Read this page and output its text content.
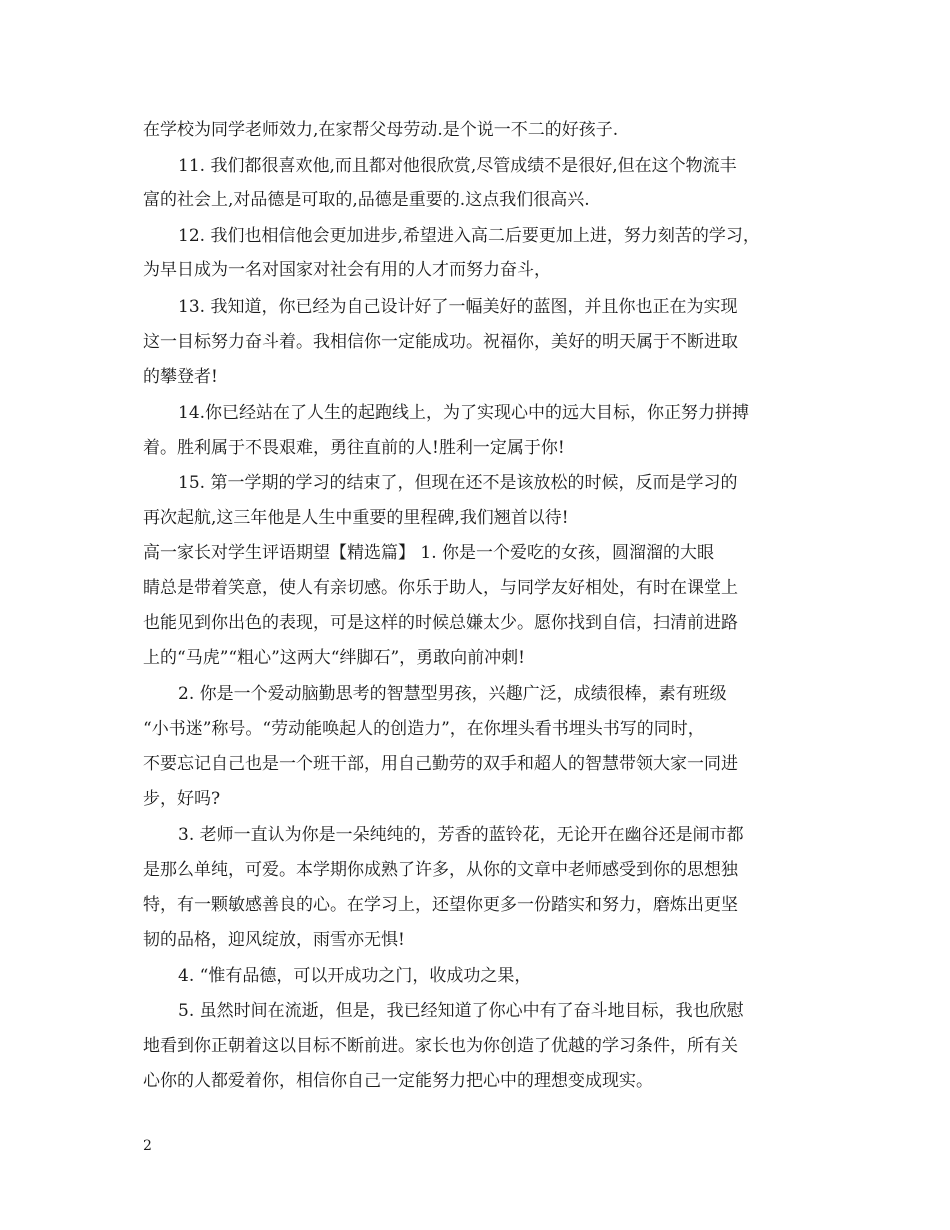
在学校为同学老师效力,在家帮父母劳动.是个说一不二的好孩子.
11. 我们都很喜欢他,而且都对他很欣赏,尽管成绩不是很好,但在这个物流丰
富的社会上,对品德是可取的,品德是重要的.这点我们很高兴.
12. 我们也相信他会更加进步,希望进入高二后要更加上进，努力刻苦的学习，
为早日成为一名对国家对社会有用的人才而努力奋斗，
13. 我知道，你已经为自己设计好了一幅美好的蓝图，并且你也正在为实现
这一目标努力奋斗着。我相信你一定能成功。祝福你，美好的明天属于不断进取
的攀登者!
14.你已经站在了人生的起跑线上，为了实现心中的远大目标，你正努力拼搏
着。胜利属于不畏艰难，勇往直前的人!胜利一定属于你!
15. 第一学期的学习的结束了，但现在还不是该放松的时候，反而是学习的
再次起航,这三年他是人生中重要的里程碑,我们翘首以待!
高一家长对学生评语期望【精选篇】 1. 你是一个爱吃的女孩，圆溜溜的大眼
睛总是带着笑意，使人有亲切感。你乐于助人，与同学友好相处，有时在课堂上
也能见到你出色的表现，可是这样的时候总嫌太少。愿你找到自信，扫清前进路
上的“马虎”“粗心”这两大“绊脚石”，勇敢向前冲刺!
2. 你是一个爱动脑勤思考的智慧型男孩，兴趣广泛，成绩很棒，素有班级
“小书迷”称号。“劳动能唤起人的创造力”，在你埋头看书埋头书写的同时，
不要忘记自己也是一个班干部，用自己勤劳的双手和超人的智慧带领大家一同进
步，好吗?
3. 老师一直认为你是一朵纯纯的，芳香的蓝铃花，无论开在幽谷还是闹市都
是那么单纯，可爱。本学期你成熟了许多，从你的文章中老师感受到你的思想独
特，有一颗敏感善良的心。在学习上，还望你更多一份踏实和努力，磨炼出更坚
韧的品格，迎风绽放，雨雪亦无惧!
4. “惟有品德，可以开成功之门，收成功之果，
5. 虽然时间在流逝，但是，我已经知道了你心中有了奋斗地目标，我也欣慰
地看到你正朝着这以目标不断前进。家长也为你创造了优越的学习条件，所有关
心你的人都爱着你，相信你自己一定能努力把心中的理想变成现实。
2
